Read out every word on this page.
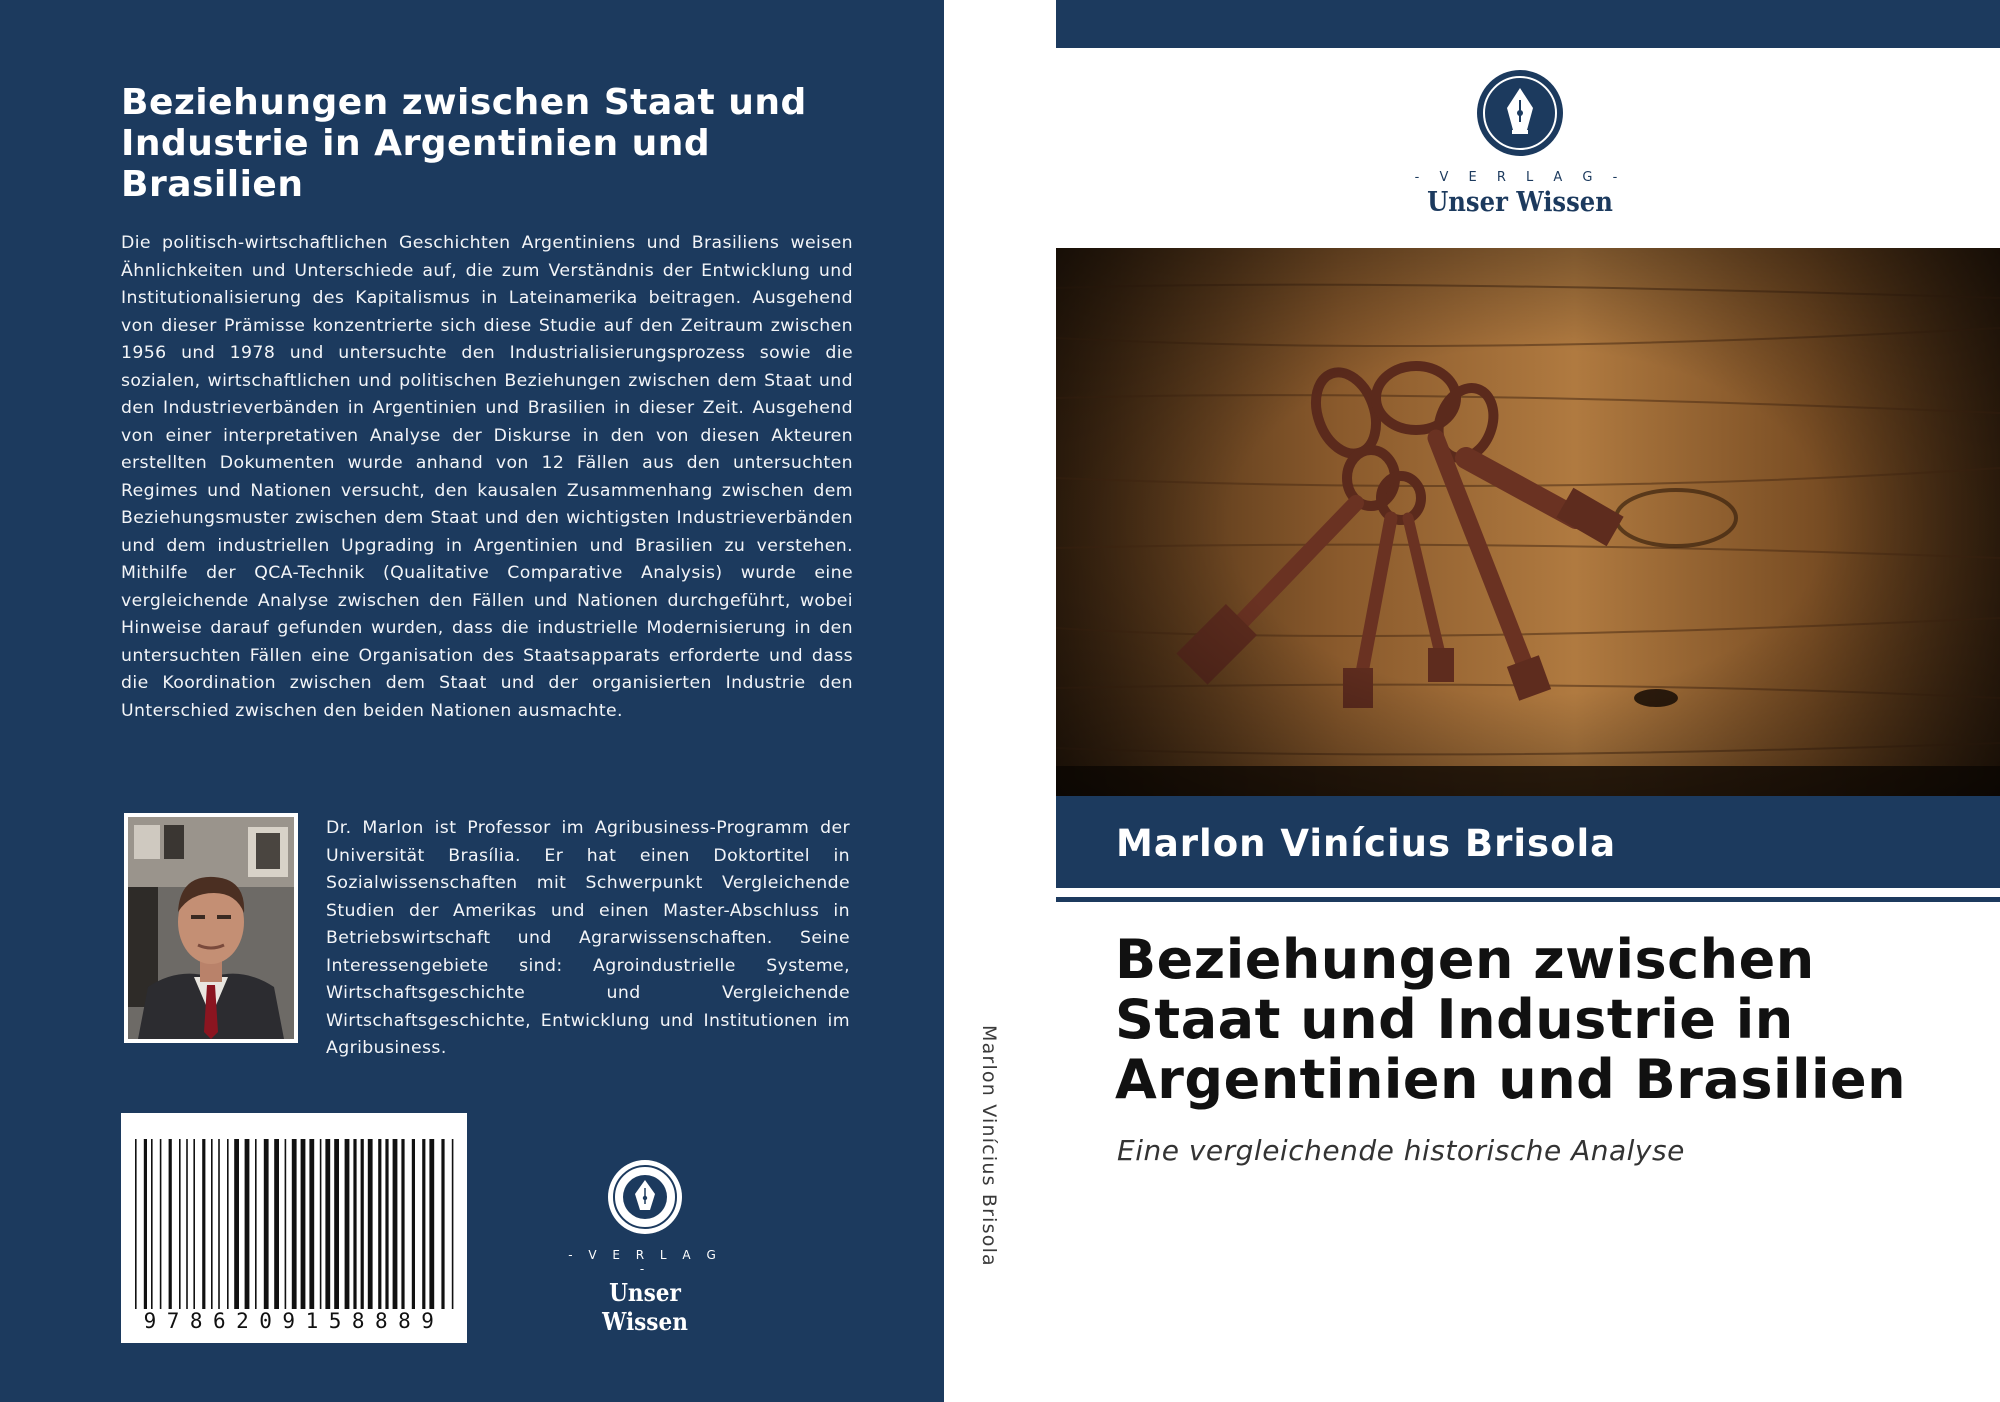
Beziehungen zwischen Staat und Industrie in Argentinien und Brasilien

Die politisch-wirtschaftlichen Geschichten Argentiniens und Brasiliens weisen Ähnlichkeiten und Unterschiede auf, die zum Verständnis der Entwicklung und Institutionalisierung des Kapitalismus in Lateinamerika beitragen. Ausgehend von dieser Prämisse konzentrierte sich diese Studie auf den Zeitraum zwischen 1956 und 1978 und untersuchte den Industrialisierungsprozess sowie die sozialen, wirtschaftlichen und politischen Beziehungen zwischen dem Staat und den Industrieverbänden in Argentinien und Brasilien in dieser Zeit. Ausgehend von einer interpretativen Analyse der Diskurse in den von diesen Akteuren erstellten Dokumenten wurde anhand von 12 Fällen aus den untersuchten Regimes und Nationen versucht, den kausalen Zusammenhang zwischen dem Beziehungsmuster zwischen dem Staat und den wichtigsten Industrieverbänden und dem industriellen Upgrading in Argentinien und Brasilien zu verstehen. Mithilfe der QCA-Technik (Qualitative Comparative Analysis) wurde eine vergleichende Analyse zwischen den Fällen und Nationen durchgeführt, wobei Hinweise darauf gefunden wurden, dass die industrielle Modernisierung in den untersuchten Fällen eine Organisation des Staatsapparats erforderte und dass die Koordination zwischen dem Staat und der organisierten Industrie den Unterschied zwischen den beiden Nationen ausmachte.

Dr. Marlon ist Professor im Agribusiness-Programm der Universität Brasília. Er hat einen Doktortitel in Sozialwissenschaften mit Schwerpunkt Vergleichende Studien der Amerikas und einen Master-Abschluss in Betriebswirtschaft und Agrarwissenschaften. Seine Interessengebiete sind: Agroindustrielle Systeme, Wirtschaftsgeschichte und Vergleichende Wirtschaftsgeschichte, Entwicklung und Institutionen im Agribusiness.

9786209158889
- V E R L A G -
Unser Wissen
Marlon Vinícius Brisola
- V E R L A G -
Unser Wissen
Marlon Vinícius Brisola
Beziehungen zwischen Staat und Industrie in Argentinien und Brasilien
Eine vergleichende historische Analyse
